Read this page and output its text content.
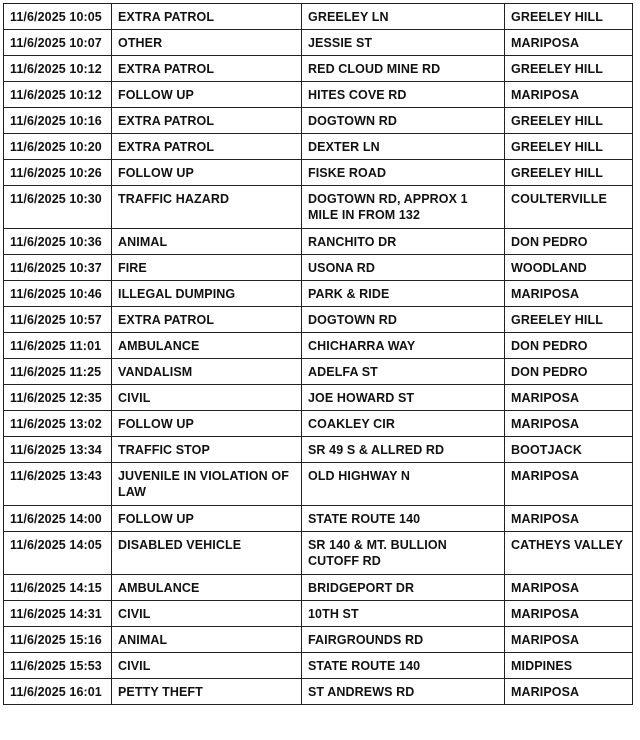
11/6/2025 10:05	EXTRA PATROL	GREELEY LN	GREELEY HILL
11/6/2025 10:07	OTHER	JESSIE ST	MARIPOSA
11/6/2025 10:12	EXTRA PATROL	RED CLOUD MINE RD	GREELEY HILL
11/6/2025 10:12	FOLLOW UP	HITES COVE RD	MARIPOSA
11/6/2025 10:16	EXTRA PATROL	DOGTOWN RD	GREELEY HILL
11/6/2025 10:20	EXTRA PATROL	DEXTER LN	GREELEY HILL
11/6/2025 10:26	FOLLOW UP	FISKE ROAD	GREELEY HILL
11/6/2025 10:30	TRAFFIC HAZARD	DOGTOWN RD, APPROX 1 MILE IN FROM 132	COULTERVILLE
11/6/2025 10:36	ANIMAL	RANCHITO DR	DON PEDRO
11/6/2025 10:37	FIRE	USONA RD	WOODLAND
11/6/2025 10:46	ILLEGAL DUMPING	PARK & RIDE	MARIPOSA
11/6/2025 10:57	EXTRA PATROL	DOGTOWN RD	GREELEY HILL
11/6/2025 11:01	AMBULANCE	CHICHARRA WAY	DON PEDRO
11/6/2025 11:25	VANDALISM	ADELFA ST	DON PEDRO
11/6/2025 12:35	CIVIL	JOE HOWARD ST	MARIPOSA
11/6/2025 13:02	FOLLOW UP	COAKLEY CIR	MARIPOSA
11/6/2025 13:34	TRAFFIC STOP	SR 49 S & ALLRED RD	BOOTJACK
11/6/2025 13:43	JUVENILE IN VIOLATION OF LAW	OLD HIGHWAY N	MARIPOSA
11/6/2025 14:00	FOLLOW UP	STATE ROUTE 140	MARIPOSA
11/6/2025 14:05	DISABLED VEHICLE	SR 140 & MT. BULLION CUTOFF RD	CATHEYS VALLEY
11/6/2025 14:15	AMBULANCE	BRIDGEPORT DR	MARIPOSA
11/6/2025 14:31	CIVIL	10TH ST	MARIPOSA
11/6/2025 15:16	ANIMAL	FAIRGROUNDS RD	MARIPOSA
11/6/2025 15:53	CIVIL	STATE ROUTE 140	MIDPINES
11/6/2025 16:01	PETTY THEFT	ST ANDREWS RD	MARIPOSA
